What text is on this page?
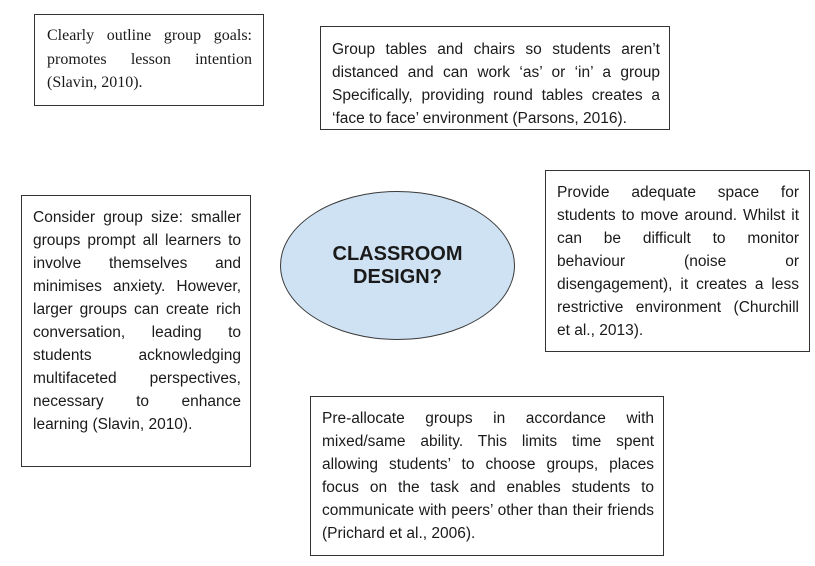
Clearly outline group goals: promotes lesson intention (Slavin, 2010).
Group tables and chairs so students aren’t distanced and can work ‘as’ or ‘in’ a group Specifically, providing round tables creates a ‘face to face’ environment (Parsons, 2016).
CLASSROOM
DESIGN?
Provide adequate space for students to move around. Whilst it can be difficult to monitor behaviour (noise or disengagement), it creates a less restrictive environment (Churchill et al., 2013).
Consider group size: smaller groups prompt all learners to involve themselves and minimises anxiety. However, larger groups can create rich conversation, leading to students acknowledging multifaceted perspectives, necessary to enhance learning (Slavin, 2010).	Pre-allocate groups in accordance with mixed/same ability. This limits time spent allowing students’ to choose groups, places focus on the task and enables students to communicate with peers’ other than their friends (Prichard et al., 2006).
